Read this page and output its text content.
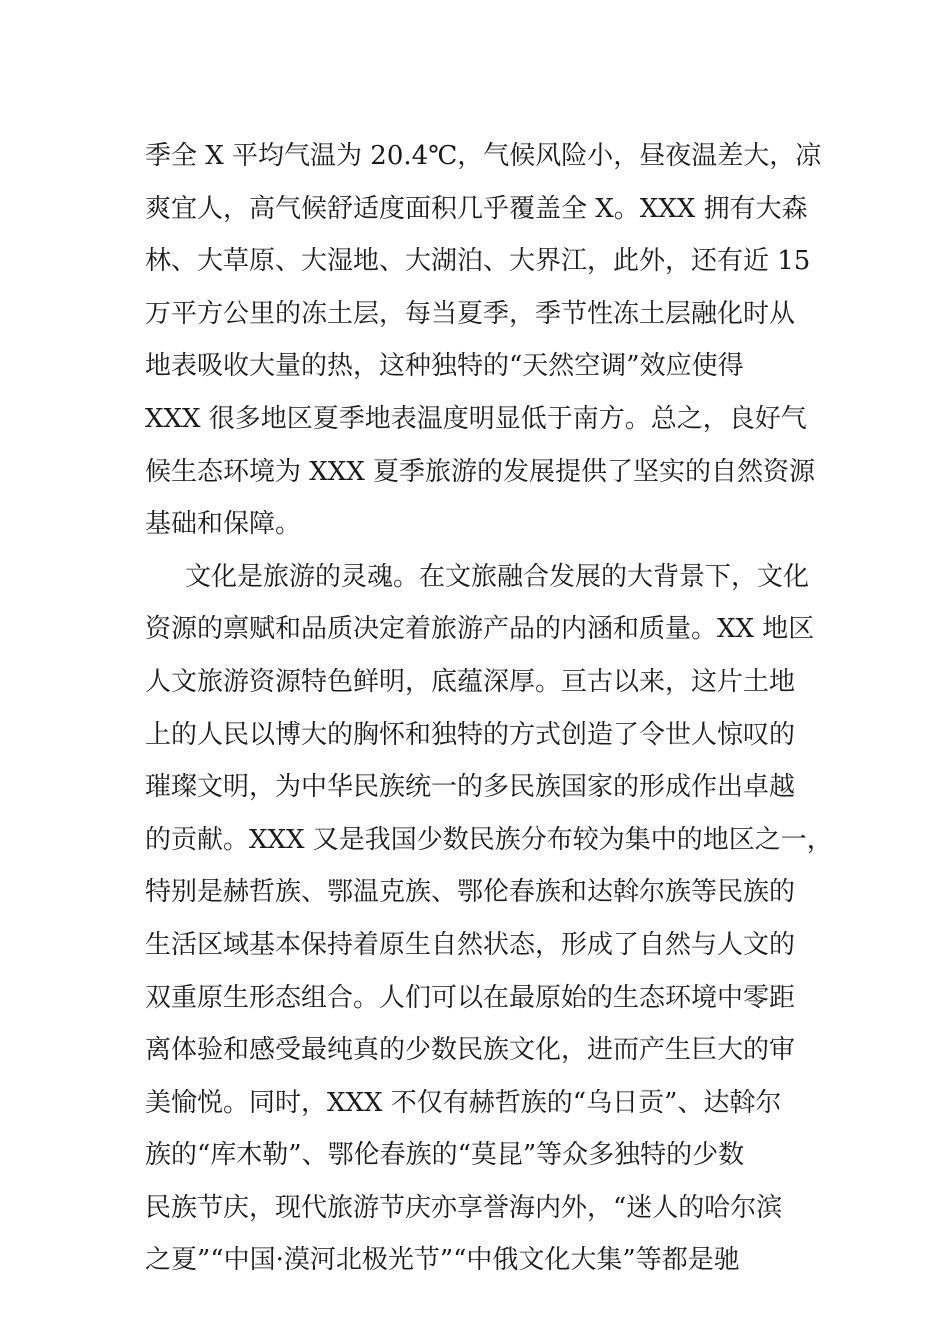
季全 X 平均气温为 20.4℃，气候风险小，昼夜温差大，凉
爽宜人，高气候舒适度面积几乎覆盖全 X。XXX 拥有大森
林、大草原、大湿地、大湖泊、大界江，此外，还有近 15
万平方公里的冻土层，每当夏季，季节性冻土层融化时从
地表吸收大量的热，这种独特的“天然空调”效应使得
XXX 很多地区夏季地表温度明显低于南方。总之，良好气
候生态环境为 XXX 夏季旅游的发展提供了坚实的自然资源
基础和保障。
文化是旅游的灵魂。在文旅融合发展的大背景下，文化
资源的禀赋和品质决定着旅游产品的内涵和质量。XX 地区
人文旅游资源特色鲜明，底蕴深厚。亘古以来，这片土地
上的人民以博大的胸怀和独特的方式创造了令世人惊叹的
璀璨文明，为中华民族统一的多民族国家的形成作出卓越
的贡献。XXX 又是我国少数民族分布较为集中的地区之一，
特别是赫哲族、鄂温克族、鄂伦春族和达斡尔族等民族的
生活区域基本保持着原生自然状态，形成了自然与人文的
双重原生形态组合。人们可以在最原始的生态环境中零距
离体验和感受最纯真的少数民族文化，进而产生巨大的审
美愉悦。同时，XXX 不仅有赫哲族的“乌日贡”、达斡尔
族的“库木勒”、鄂伦春族的“莫昆”等众多独特的少数
民族节庆，现代旅游节庆亦享誉海内外，“迷人的哈尔滨
之夏”“中国·漠河北极光节”“中俄文化大集”等都是驰
